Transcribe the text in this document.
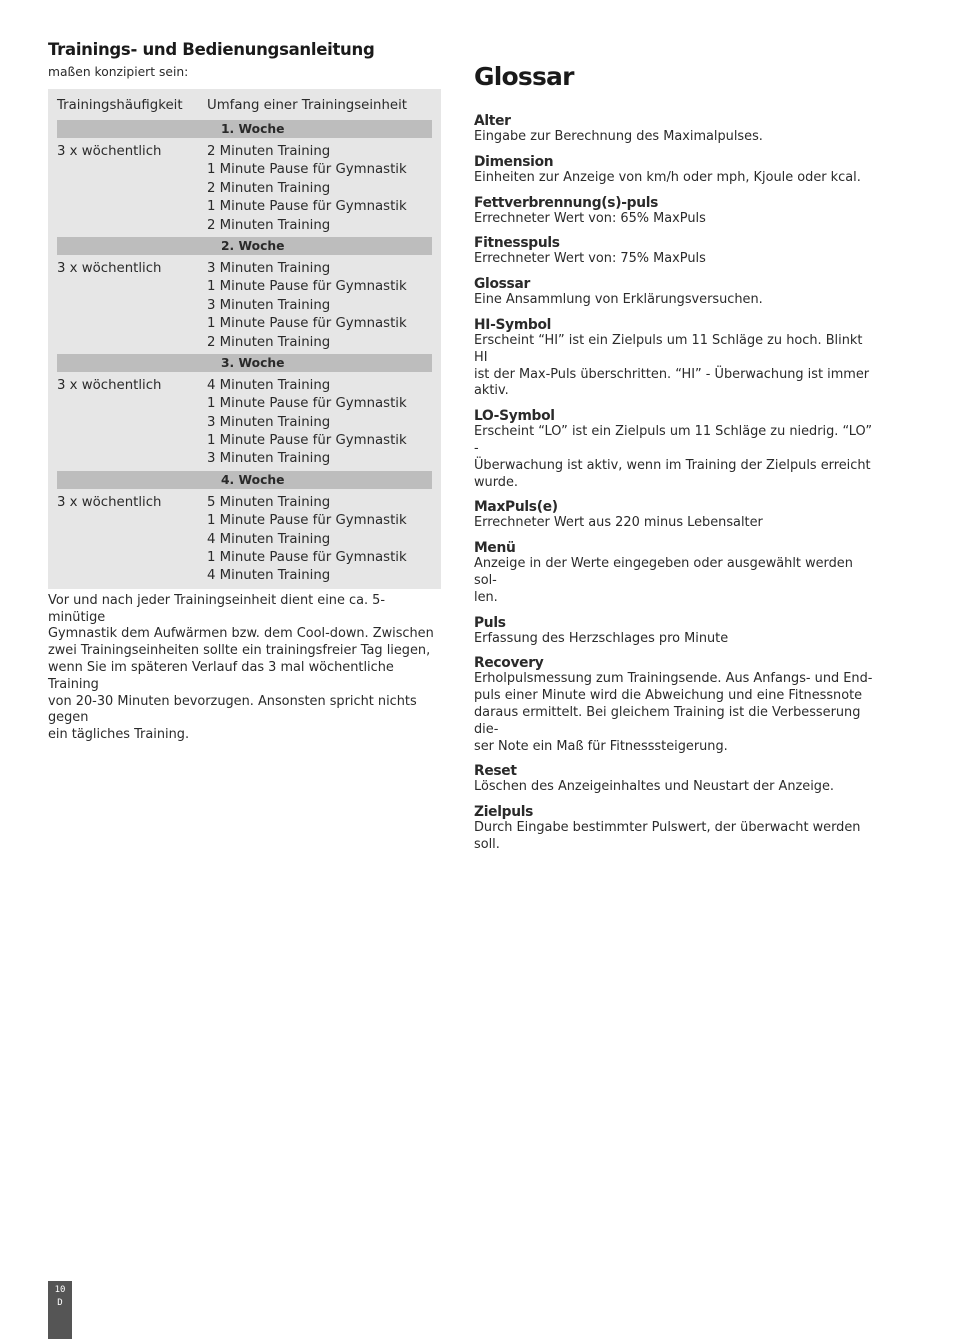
Trainings- und Bedienungsanleitung
maßen konzipiert sein:
Trainingshäufigkeit	Umfang einer Trainingseinheit
1. Woche
3 x wöchentlich	2 Minuten Training
1 Minute Pause für Gymnastik
2 Minuten Training
1 Minute Pause für Gymnastik
2 Minuten Training
2. Woche
3 x wöchentlich	3 Minuten Training
1 Minute Pause für Gymnastik
3 Minuten Training
1 Minute Pause für Gymnastik
2 Minuten Training
3. Woche
3 x wöchentlich	4 Minuten Training
1 Minute Pause für Gymnastik
3 Minuten Training
1 Minute Pause für Gymnastik
3 Minuten Training
4. Woche
3 x wöchentlich	5 Minuten Training
1 Minute Pause für Gymnastik
4 Minuten Training
1 Minute Pause für Gymnastik
4 Minuten Training
Vor und nach jeder Trainingseinheit dient eine ca. 5-minütige
Gymnastik dem Aufwärmen bzw. dem Cool-down. Zwischen
zwei Trainingseinheiten sollte ein trainingsfreier Tag liegen,
wenn Sie im späteren Verlauf das 3 mal wöchentliche Training
von 20-30 Minuten bevorzugen. Ansonsten spricht nichts gegen
ein tägliches Training.
Glossar
Alter
Eingabe zur Berechnung des Maximalpulses.
Dimension
Einheiten zur Anzeige von km/h oder mph, Kjoule oder kcal.
Fettverbrennung(s)-puls
Errechneter Wert von: 65% MaxPuls
Fitnesspuls
Errechneter Wert von: 75% MaxPuls
Glossar
Eine Ansammlung von Erklärungsversuchen.
HI-Symbol
Erscheint “HI” ist ein Zielpuls um 11 Schläge zu hoch. Blinkt HI
ist der Max-Puls überschritten. “HI” - Überwachung ist immer
aktiv.
LO-Symbol
Erscheint “LO” ist ein Zielpuls um 11 Schläge zu niedrig. “LO” -
Überwachung ist aktiv, wenn im Training der Zielpuls erreicht
wurde.
MaxPuls(e)
Errechneter Wert aus 220 minus Lebensalter
Menü
Anzeige in der Werte eingegeben oder ausgewählt werden sol-
len.
Puls
Erfassung des Herzschlages pro Minute
Recovery
Erholpulsmessung zum Trainingsende. Aus Anfangs- und End-
puls einer Minute wird die Abweichung und eine Fitnessnote
daraus ermittelt. Bei gleichem Training ist die Verbesserung die-
ser Note ein Maß für Fitnesssteigerung.
Reset
Löschen des Anzeigeinhaltes und Neustart der Anzeige.
Zielpuls
Durch Eingabe bestimmter Pulswert, der überwacht werden soll.
10
D
